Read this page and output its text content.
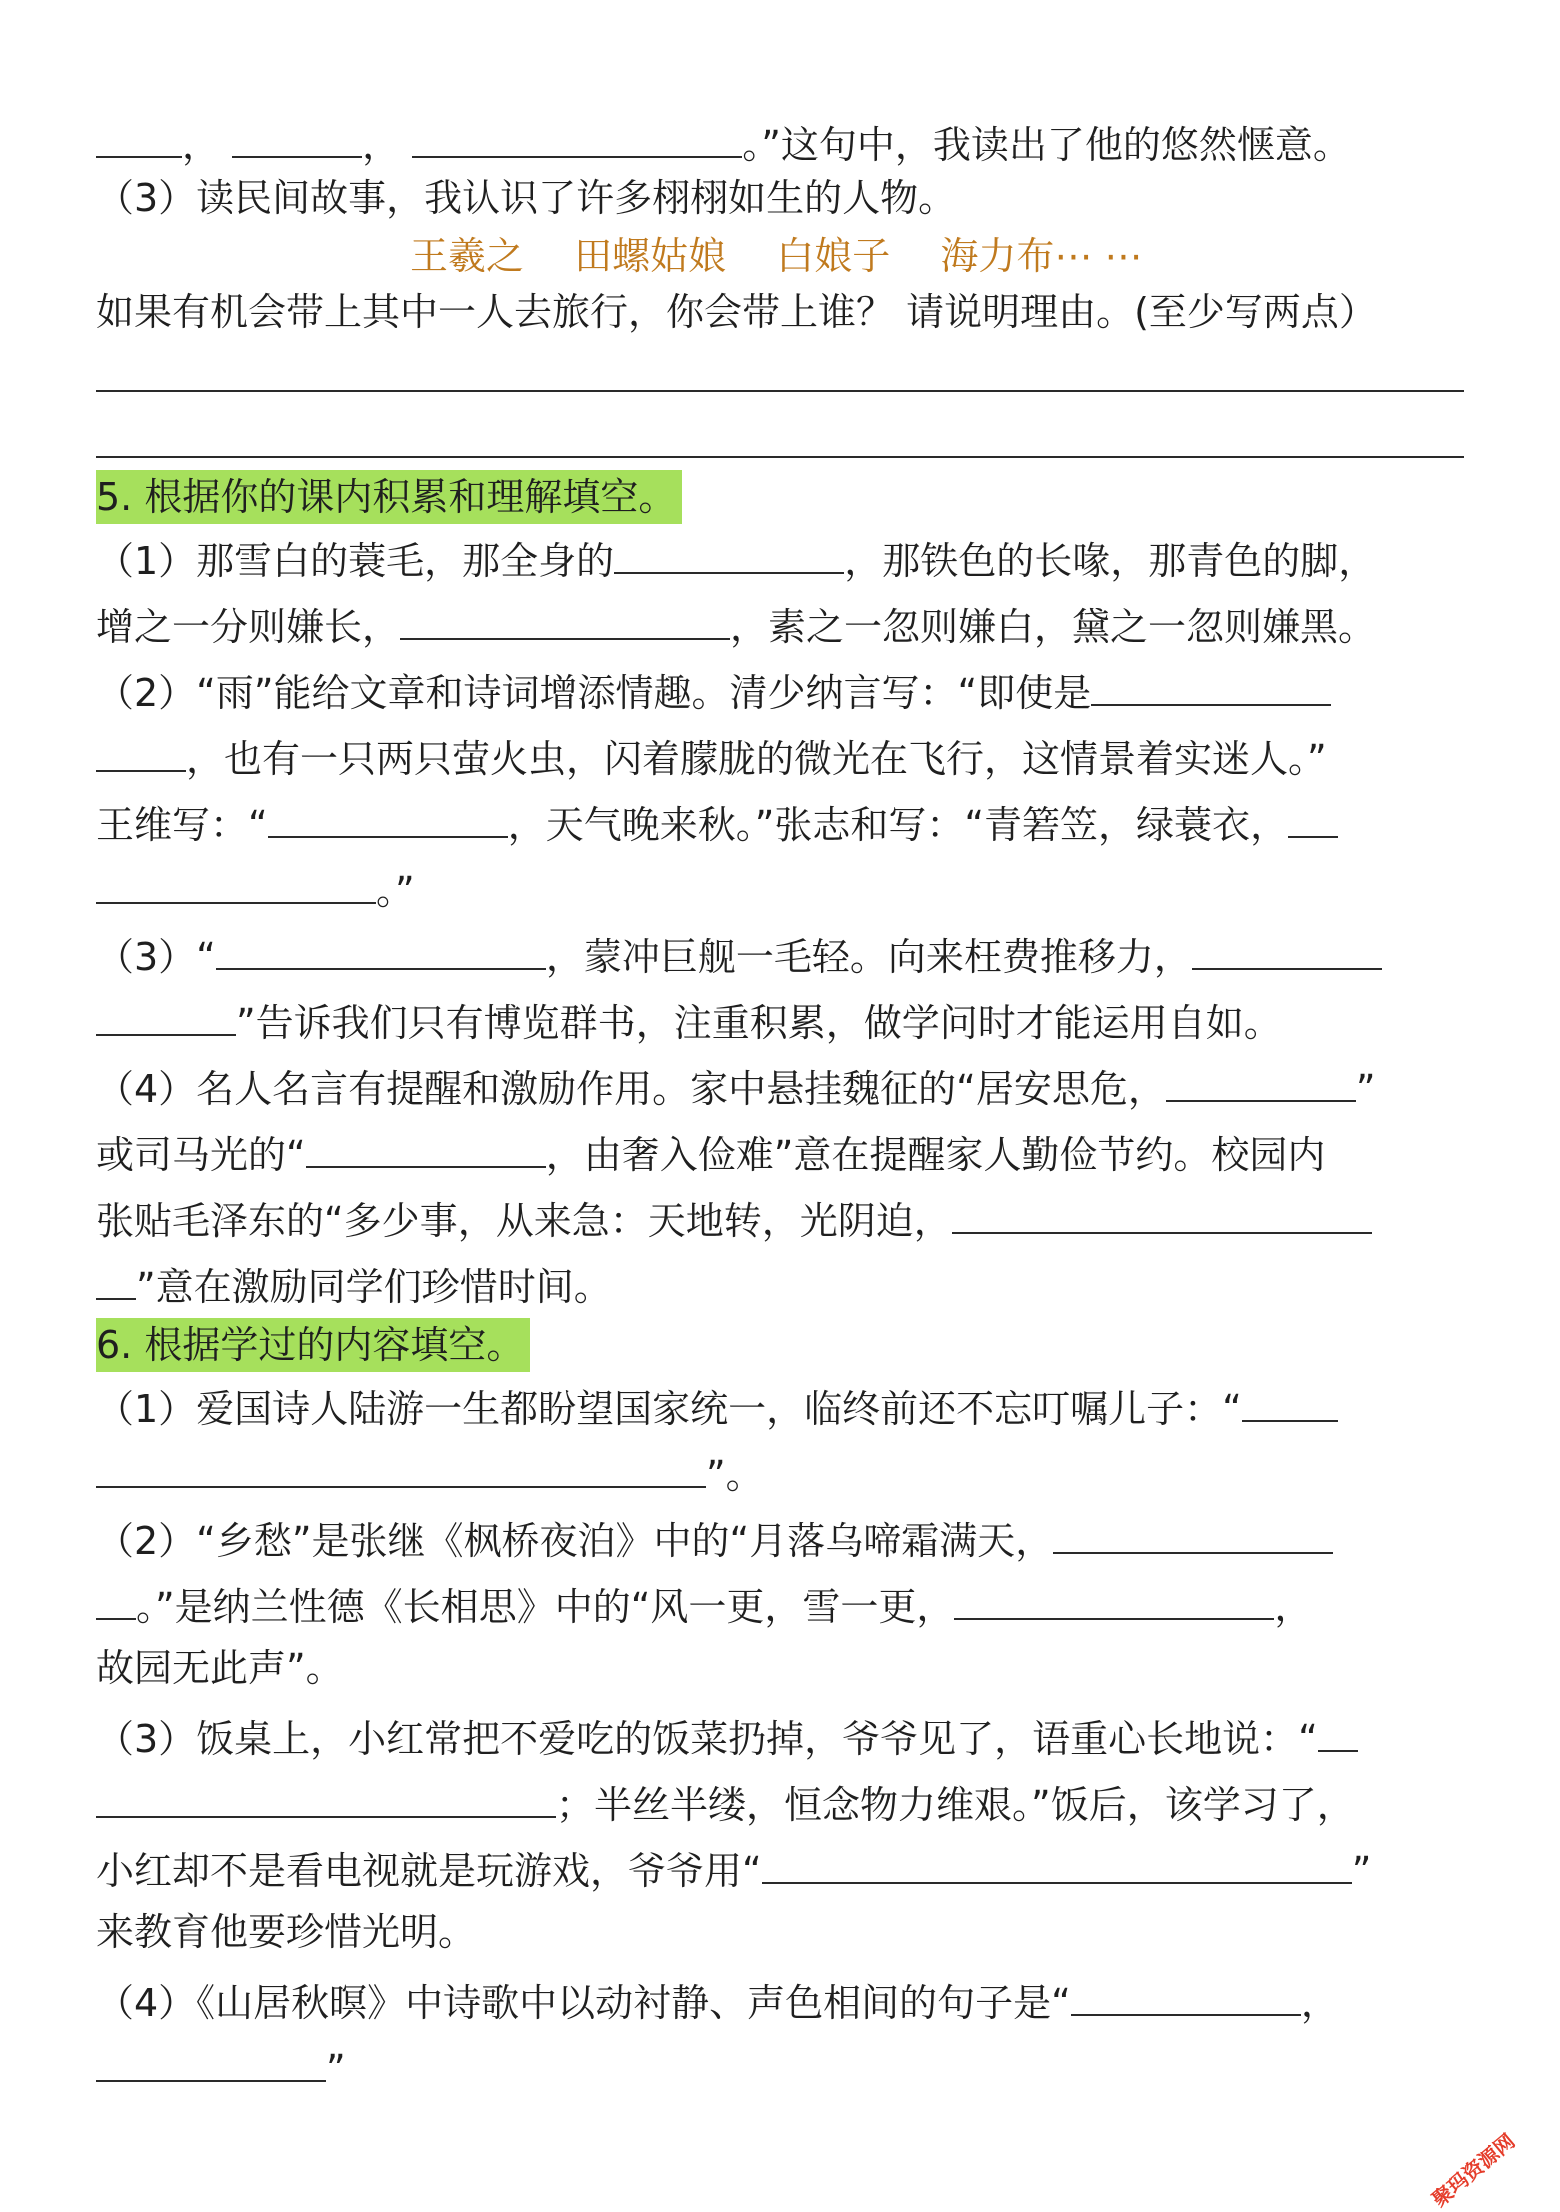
，	，	。”这句中，我读出了他的悠然惬意。
（3）读民间故事，我认识了许多栩栩如生的人物。
王羲之 田螺姑娘 白娘子 海力布⋯ ⋯
如果有机会带上其中一人去旅行，你会带上谁？ 请说明理由。(至少写两点）
5. 根据你的课内积累和理解填空。
（1）那雪白的蓑毛，那全身的	，那铁色的长喙，那青色的脚，
增之一分则嫌长，	，素之一忽则嫌白，黛之一忽则嫌黑。
（2）“雨”能给文章和诗词增添情趣。清少纳言写：“即使是
，也有一只两只萤火虫，闪着朦胧的微光在飞行，这情景着实迷人。”
王维写：“	，天气晚来秋。”张志和写：“青箬笠，绿蓑衣，
。”
（3）“	，蒙冲巨舰一毛轻。向来枉费推移力，
”告诉我们只有博览群书，注重积累，做学问时才能运用自如。
（4）名人名言有提醒和激励作用。家中悬挂魏征的“居安思危，	”
或司马光的“	，由奢入俭难”意在提醒家人勤俭节约。校园内
张贴毛泽东的“多少事，从来急：天地转，光阴迫，
”意在激励同学们珍惜时间。
6. 根据学过的内容填空。
（1）爱国诗人陆游一生都盼望国家统一，临终前还不忘叮嘱儿子：“
”。
（2）“乡愁”是张继《枫桥夜泊》中的“月落乌啼霜满天，
。”是纳兰性德《长相思》中的“风一更，雪一更，	，
故园无此声”。
（3）饭桌上，小红常把不爱吃的饭菜扔掉，爷爷见了，语重心长地说：“
；半丝半缕，恒念物力维艰。”饭后，该学习了，
小红却不是看电视就是玩游戏，爷爷用“	”
来教育他要珍惜光明。
（4）《山居秋暝》中诗歌中以动衬静、声色相间的句子是“	，
”
聚玛资源网
